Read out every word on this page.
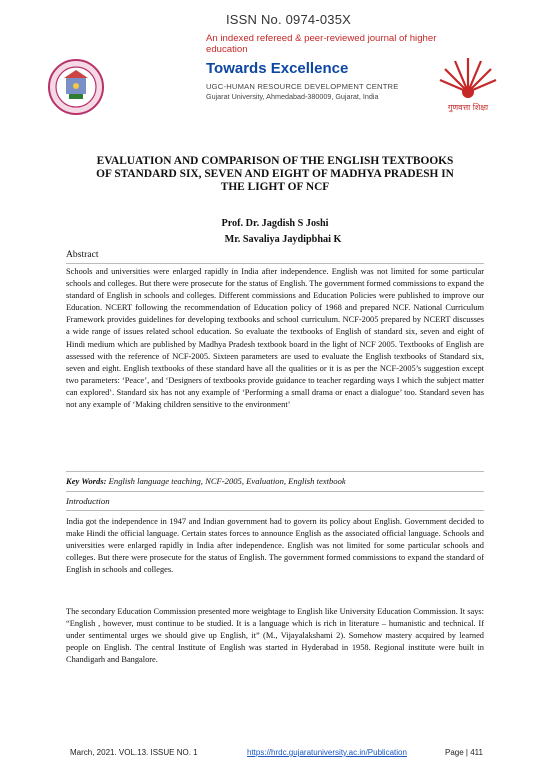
ISSN No. 0974-035X
An indexed refereed & peer-reviewed journal of higher education
Towards Excellence
UGC-HUMAN RESOURCE DEVELOPMENT CENTRE
Gujarat University, Ahmedabad-380009, Gujarat, India
गुणवत्ता शिक्षा
EVALUATION AND COMPARISON OF THE ENGLISH TEXTBOOKS
OF STANDARD SIX, SEVEN AND EIGHT OF MADHYA PRADESH IN
THE LIGHT OF NCF
Prof. Dr. Jagdish S Joshi
Mr. Savaliya Jaydipbhai K
Abstract
Schools and universities were enlarged rapidly in India after independence. English was not limited for some particular schools and colleges. But there were prosecute for the status of English. The government formed commissions to expand the standard of English in schools and colleges. Different commissions and Education Policies were published to improve our Education. NCERT following the recommendation of Education policy of 1968 and prepared NCF. National Curriculum Framework provides guidelines for developing textbooks and school curriculum. NCF-2005 prepared by NCERT discusses a wide range of issues related school education. So evaluate the textbooks of English of standard six, seven and eight of Hindi medium which are published by Madhya Pradesh textbook board in the light of NCF 2005. Textbooks of English are assessed with the reference of NCF-2005. Sixteen parameters are used to evaluate the English textbooks of Standard six, seven and eight. English textbooks of these standard have all the qualities or it is as per the NCF-2005’s suggestion except two parameters: ‘Peace’, and ‘Designers of textbooks provide guidance to teacher regarding ways I which the subject matter can explored’. Standard six has not any example of ‘Performing a small drama or enact a dialogue’ too. Standard seven has not any example of ‘Making children sensitive to the environment’
Key Words: English language teaching, NCF-2005, Evaluation, English textbook
Introduction
India got the independence in 1947 and Indian government had to govern its policy about English. Government decided to make Hindi the official language. Certain states forces to announce English as the associated official language. Schools and universities were enlarged rapidly in India after independence. English was not limited for some particular schools and colleges. But there were prosecute for the status of English. The government formed commissions to expand the standard of English in schools and colleges.
The secondary Education Commission presented more weightage to English like University Education Commission. It says: “English , however, must continue to be studied. It is a language which is rich in literature – humanistic and technical. If under sentimental urges we should give up English, it” (M., Vijayalakshami 2). Somehow mastery acquired by learned people on English. The central Institute of English was started in Hyderabad in 1958. Regional institute were built in Chandigarh and Bangalore.
March, 2021. VOL.13. ISSUE NO. 1	https://hrdc.gujaratuniversity.ac.in/Publication	Page | 411
